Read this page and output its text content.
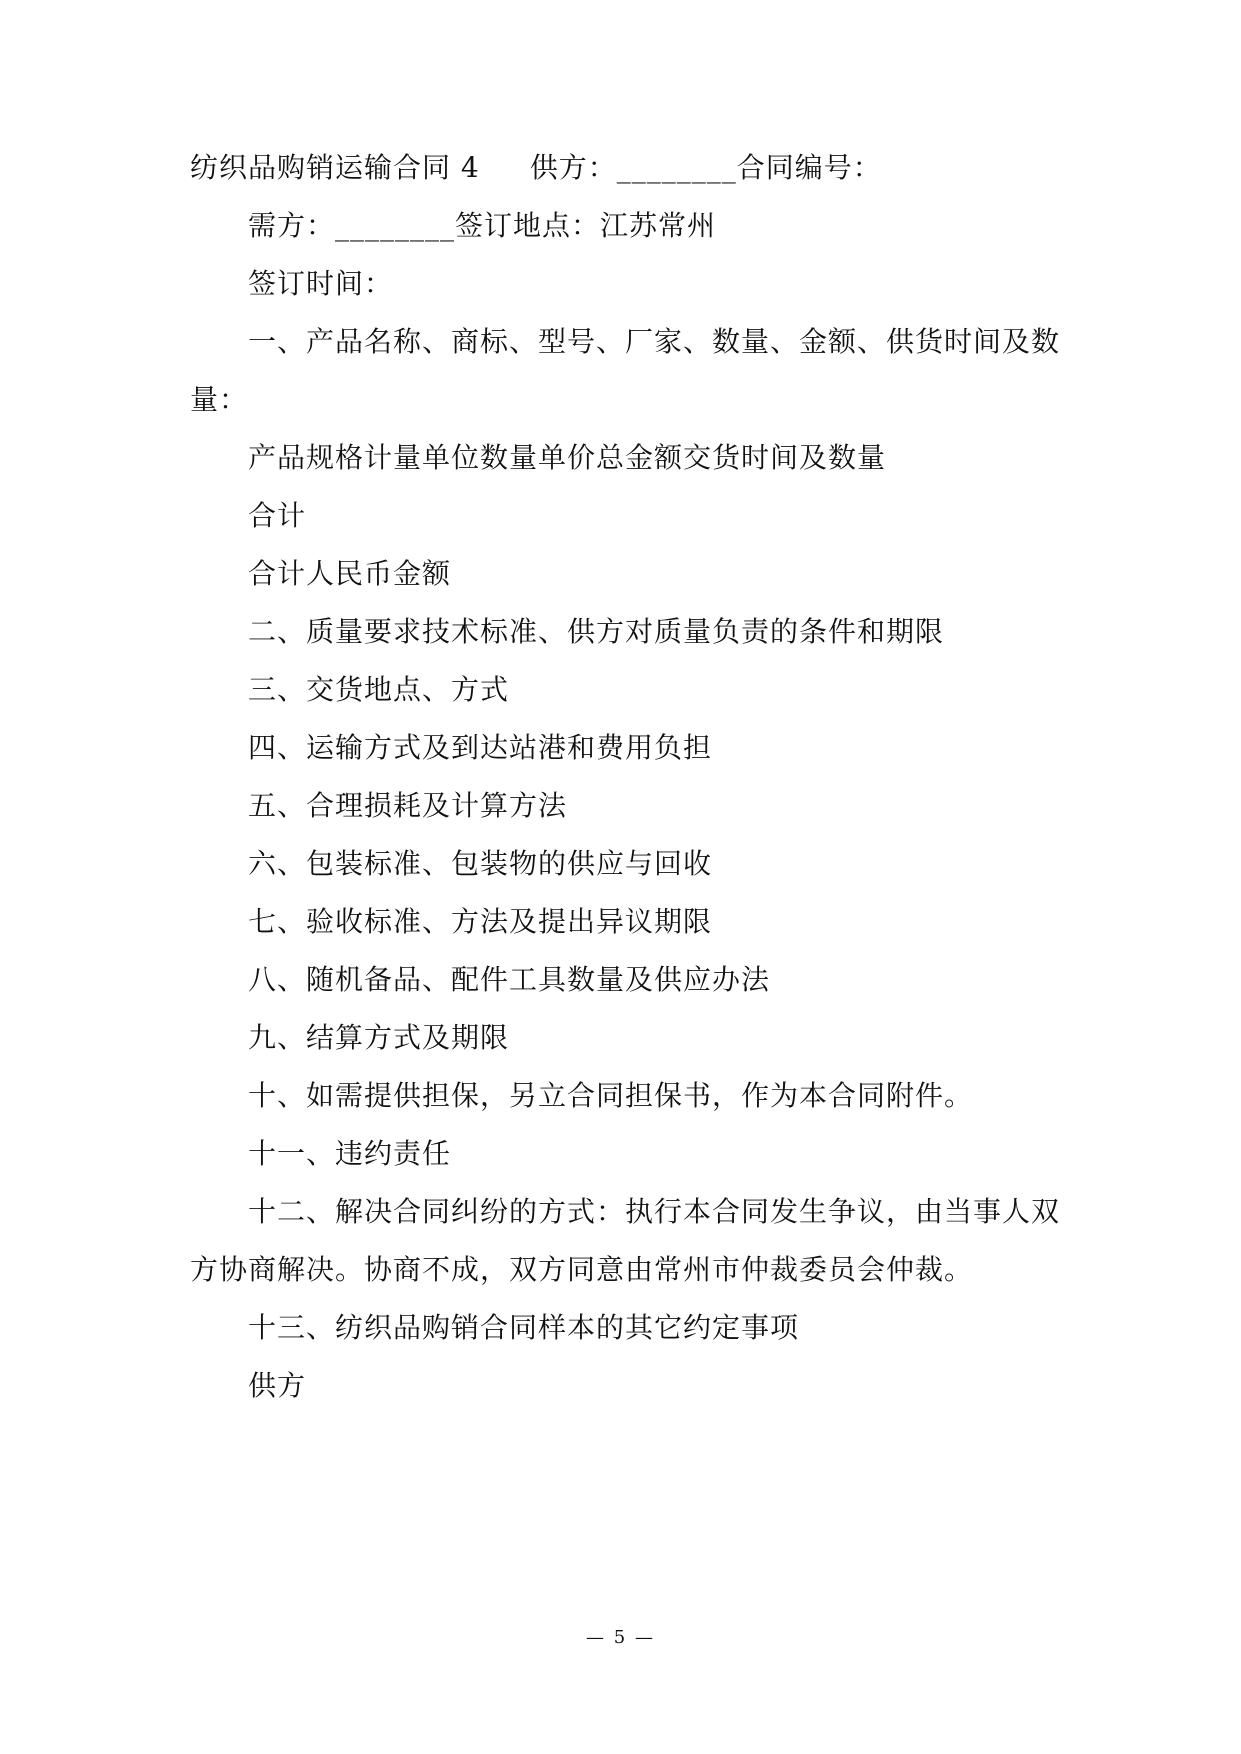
纺织品购销运输合同 4 供方：________合同编号：
需方：________签订地点：江苏常州
签订时间：
一、产品名称、商标、型号、厂家、数量、金额、供货时间及数
量：
产品规格计量单位数量单价总金额交货时间及数量
合计
合计人民币金额
二、质量要求技术标准、供方对质量负责的条件和期限
三、交货地点、方式
四、运输方式及到达站港和费用负担
五、合理损耗及计算方法
六、包装标准、包装物的供应与回收
七、验收标准、方法及提出异议期限
八、随机备品、配件工具数量及供应办法
九、结算方式及期限
十、如需提供担保，另立合同担保书，作为本合同附件。
十一、违约责任
十二、解决合同纠纷的方式：执行本合同发生争议，由当事人双
方协商解决。协商不成，双方同意由常州市仲裁委员会仲裁。
十三、纺织品购销合同样本的其它约定事项
供方
— 5 —
